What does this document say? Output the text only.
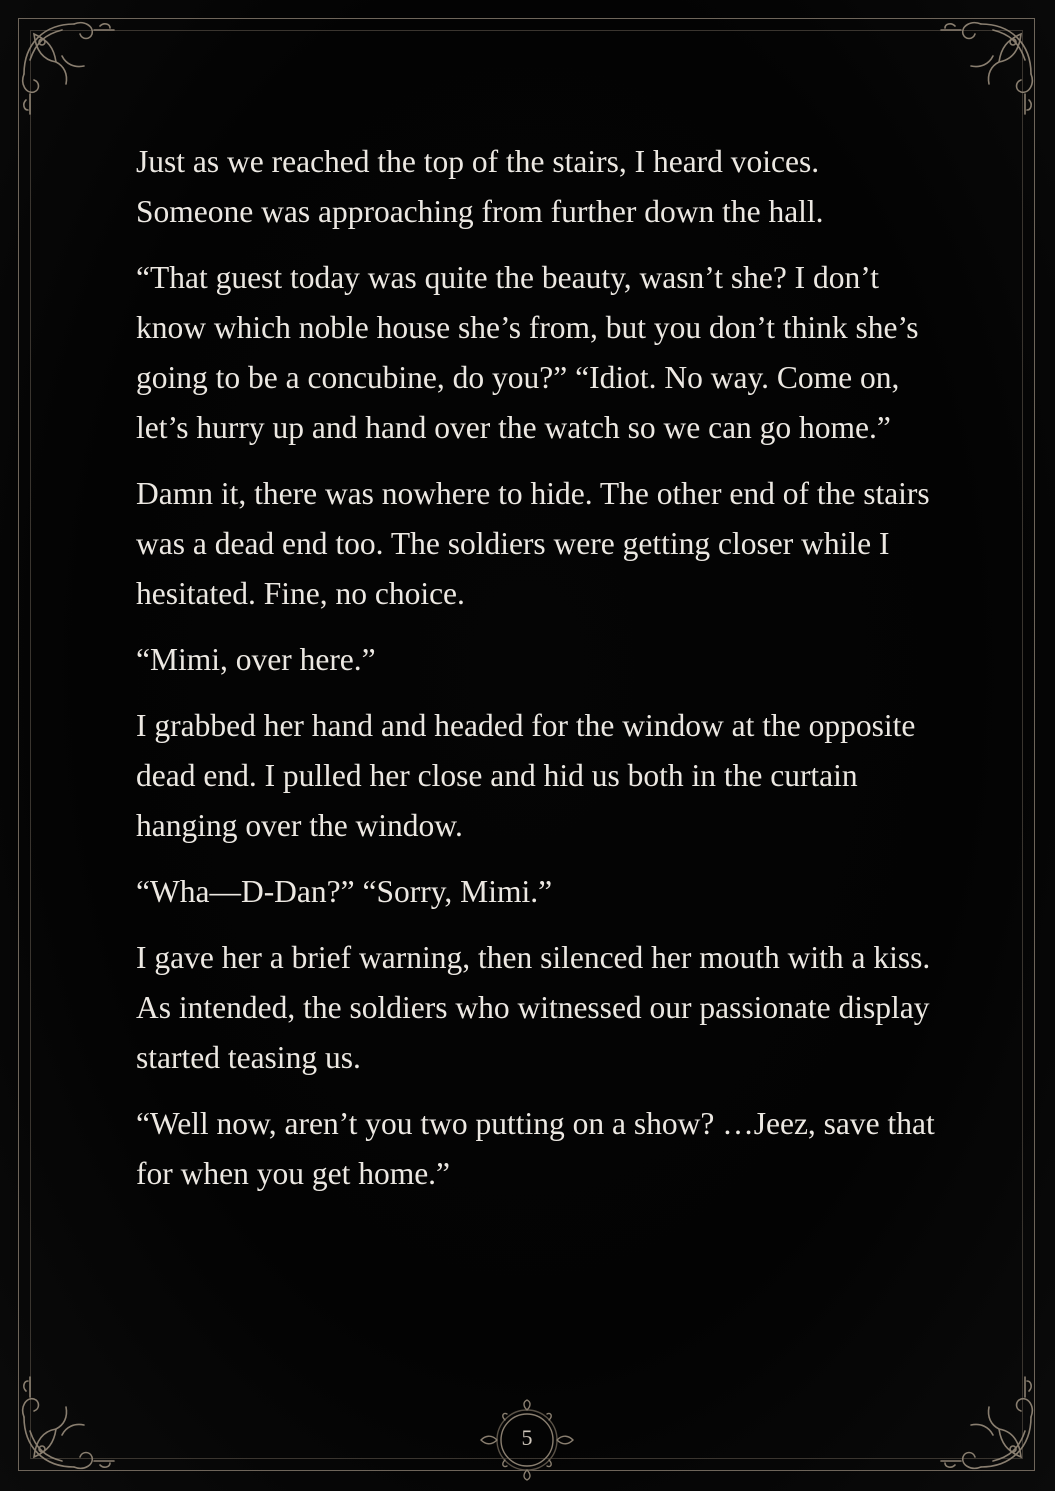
Just as we reached the top of the stairs, I heard voices. Someone was approaching from further down the hall.

“That guest today was quite the beauty, wasn’t she? I don’t know which noble house she’s from, but you don’t think she’s going to be a concubine, do you?” “Idiot. No way. Come on, let’s hurry up and hand over the watch so we can go home.”

Damn it, there was nowhere to hide. The other end of the stairs was a dead end too. The soldiers were getting closer while I hesitated. Fine, no choice.

“Mimi, over here.”

I grabbed her hand and headed for the window at the opposite dead end. I pulled her close and hid us both in the curtain hanging over the window.

“Wha—D-Dan?” “Sorry, Mimi.”

I gave her a brief warning, then silenced her mouth with a kiss. As intended, the soldiers who witnessed our passionate display started teasing us.

“Well now, aren’t you two putting on a show? …Jeez, save that for when you get home.”

5
